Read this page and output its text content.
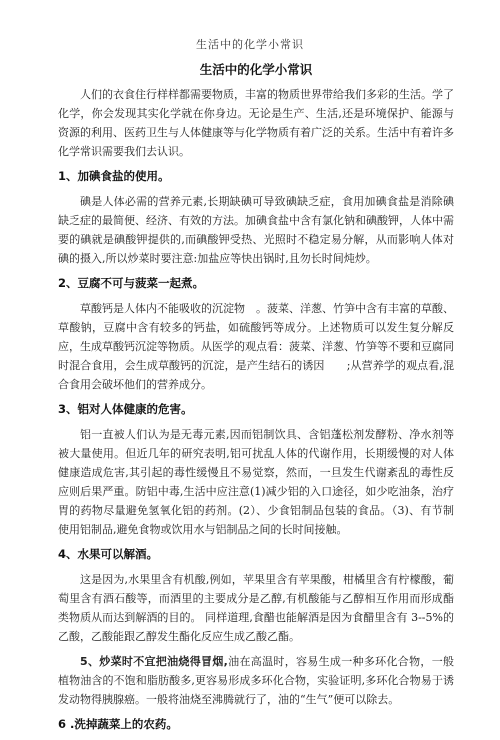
生活中的化学小常识
生活中的化学小常识

人们的衣食住行样样都需要物质，丰富的物质世界带给我们多彩的生活。学了化学，你会发现其实化学就在你身边。无论是生产、生活,还是环境保护、能源与资源的利用、医药卫生与人体健康等与化学物质有着广泛的关系。生活中有着许多化学常识需要我们去认识。

1、加碘食盐的使用。

碘是人体必需的营养元素,长期缺碘可导致碘缺乏症，食用加碘食盐是消除碘缺乏症的最简便、经济、有效的方法。加碘食盐中含有氯化钠和碘酸钾，人体中需要的碘就是碘酸钾提供的,而碘酸钾受热、光照时不稳定易分解，从而影响人体对碘的摄入,所以炒菜时要注意:加盐应等快出锅时,且勿长时间炖炒。

2、豆腐不可与菠菜一起煮。

草酸钙是人体内不能吸收的沉淀物　。菠菜、洋葱、竹笋中含有丰富的草酸、草酸钠，豆腐中含有较多的钙盐，如硫酸钙等成分。上述物质可以发生复分解反应，生成草酸钙沉淀等物质。从医学的观点看：菠菜、洋葱、竹笋等不要和豆腐同时混合食用，会生成草酸钙的沉淀，是产生结石的诱因　　;从营养学的观点看,混合食用会破坏他们的营养成分。

3、铝对人体健康的危害。

铝一直被人们认为是无毒元素,因而铝制饮具、含铝蓬松剂发酵粉、净水剂等被大量使用。但近几年的研究表明,铝可扰乱人体的代谢作用，长期缓慢的对人体健康造成危害,其引起的毒性缓慢且不易觉察，然而，一旦发生代谢紊乱的毒性反应则后果严重。防铝中毒,生活中应注意(1)减少铝的入口途径，如少吃油条，治疗胃的药物尽量避免氢氧化铝的药剂。(2）、少食铝制品包装的食品。（3)、有节制使用铝制品,避免食物或饮用水与铝制品之间的长时间接触。

4、水果可以解酒。

这是因为,水果里含有机酸,例如，苹果里含有苹果酸，柑橘里含有柠檬酸，葡萄里含有酒石酸等，而酒里的主要成分是乙醇,有机酸能与乙醇相互作用而形成酯类物质从而达到解酒的目的。 同样道理,食醋也能解酒是因为食醋里含有 3--5%的乙酸，乙酸能跟乙醇发生酯化反应生成乙酸乙酯。

5、炒菜时不宜把油烧得冒烟,油在高温时，容易生成一种多环化合物，一般植物油含的不饱和脂肪酸多,更容易形成多环化合物，实验证明,多环化合物易于诱发动物得胰腺癌。一般将油烧至沸腾就行了，油的“生气”便可以除去。

6 .洗掉蔬菜上的农药。
